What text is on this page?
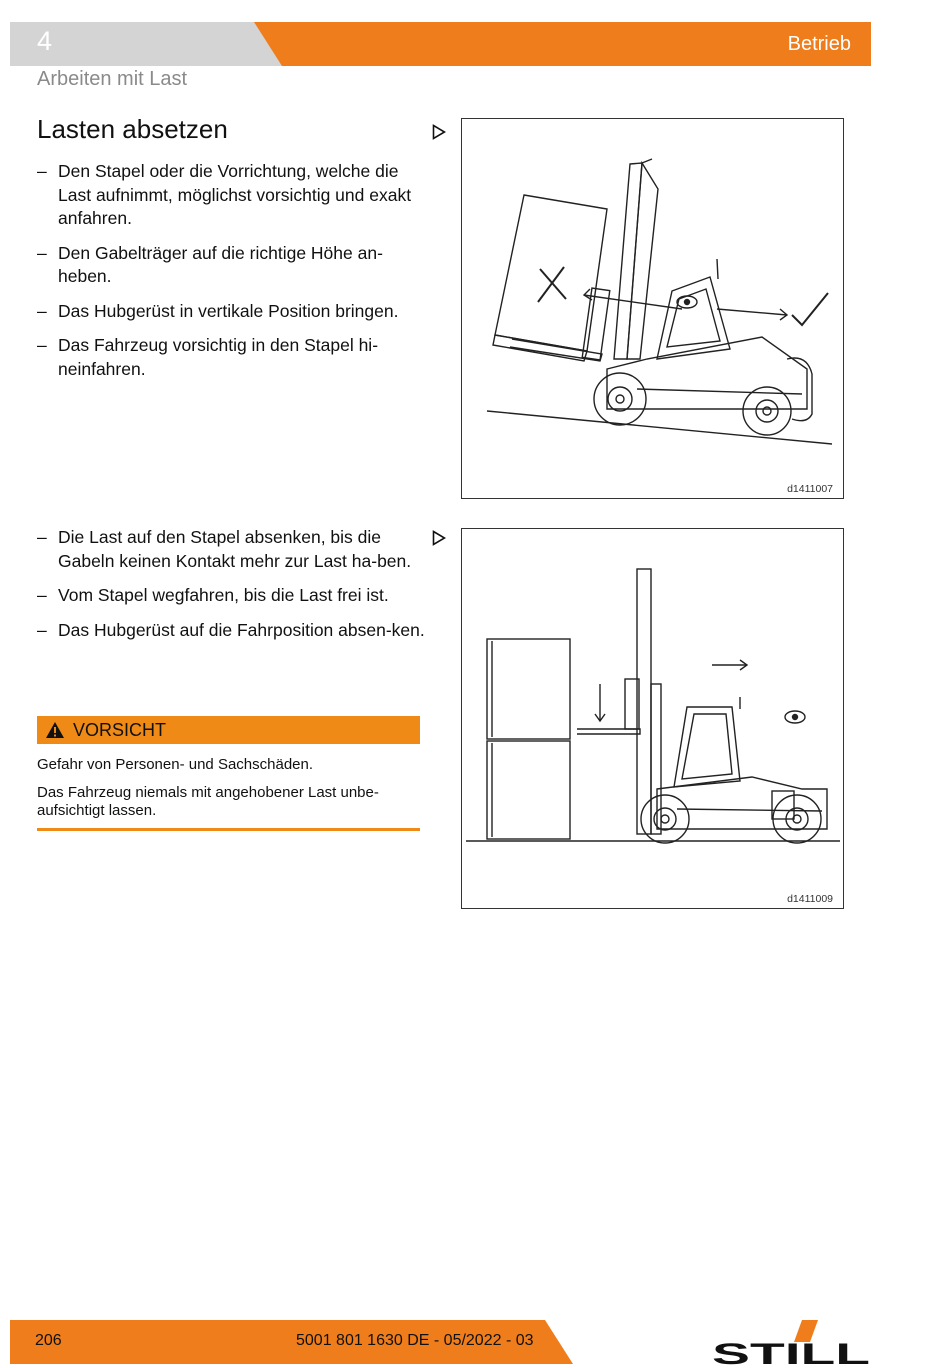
4	Betrieb
Arbeiten mit Last
Lasten absetzen
– Den Stapel oder die Vorrichtung, welche die Last aufnimmt, möglichst vorsichtig und exakt anfahren.
– Den Gabelträger auf die richtige Höhe an-heben.
– Das Hubgerüst in vertikale Position bringen.
– Das Fahrzeug vorsichtig in den Stapel hi-neinfahren.
d1411007
– Die Last auf den Stapel absenken, bis die Gabeln keinen Kontakt mehr zur Last ha-ben.
– Vom Stapel wegfahren, bis die Last frei ist.
– Das Hubgerüst auf die Fahrposition absen-ken.
d1411009
VORSICHT
Gefahr von Personen- und Sachschäden.
Das Fahrzeug niemals mit angehobener Last unbe-aufsichtigt lassen.
206	5001 801 1630 DE - 05/2022 - 03	STILL
